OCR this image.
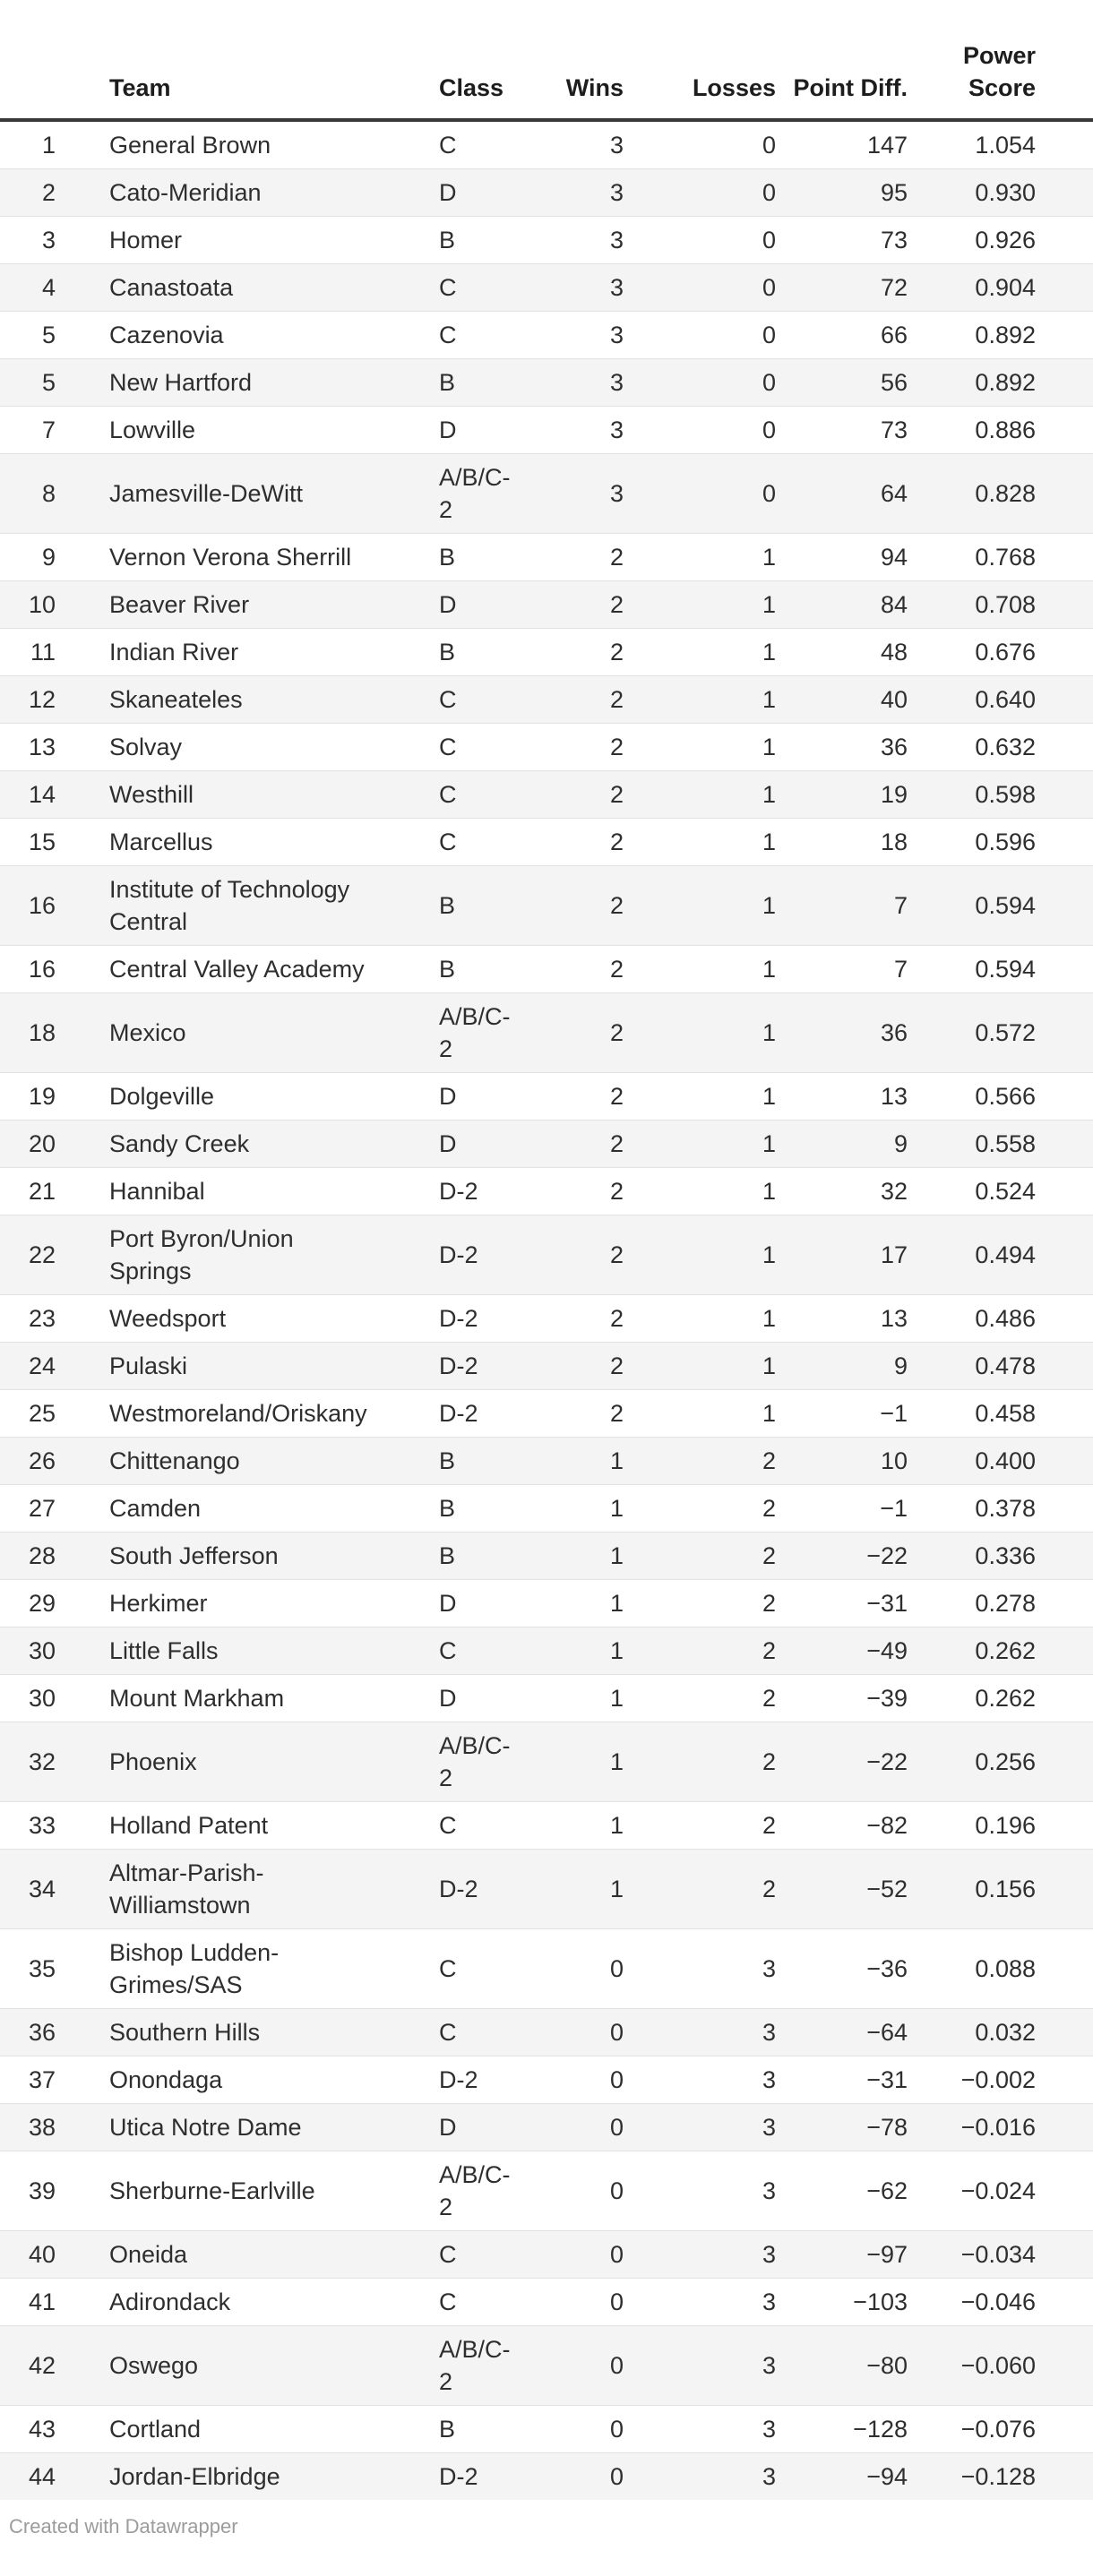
	Team	Class	Wins	Losses	Point Diff.	Power Score
1	General Brown	C	3	0	147	1.054
2	Cato-Meridian	D	3	0	95	0.930
3	Homer	B	3	0	73	0.926
4	Canastoata	C	3	0	72	0.904
5	Cazenovia	C	3	0	66	0.892
5	New Hartford	B	3	0	56	0.892
7	Lowville	D	3	0	73	0.886
8	Jamesville-DeWitt	A/B/C-2	3	0	64	0.828
9	Vernon Verona Sherrill	B	2	1	94	0.768
10	Beaver River	D	2	1	84	0.708
11	Indian River	B	2	1	48	0.676
12	Skaneateles	C	2	1	40	0.640
13	Solvay	C	2	1	36	0.632
14	Westhill	C	2	1	19	0.598
15	Marcellus	C	2	1	18	0.596
16	Institute of Technology Central	B	2	1	7	0.594
16	Central Valley Academy	B	2	1	7	0.594
18	Mexico	A/B/C-2	2	1	36	0.572
19	Dolgeville	D	2	1	13	0.566
20	Sandy Creek	D	2	1	9	0.558
21	Hannibal	D-2	2	1	32	0.524
22	Port Byron/Union Springs	D-2	2	1	17	0.494
23	Weedsport	D-2	2	1	13	0.486
24	Pulaski	D-2	2	1	9	0.478
25	Westmoreland/Oriskany	D-2	2	1	−1	0.458
26	Chittenango	B	1	2	10	0.400
27	Camden	B	1	2	−1	0.378
28	South Jefferson	B	1	2	−22	0.336
29	Herkimer	D	1	2	−31	0.278
30	Little Falls	C	1	2	−49	0.262
30	Mount Markham	D	1	2	−39	0.262
32	Phoenix	A/B/C-2	1	2	−22	0.256
33	Holland Patent	C	1	2	−82	0.196
34	Altmar-Parish-Williamstown	D-2	1	2	−52	0.156
35	Bishop Ludden-Grimes/SAS	C	0	3	−36	0.088
36	Southern Hills	C	0	3	−64	0.032
37	Onondaga	D-2	0	3	−31	−0.002
38	Utica Notre Dame	D	0	3	−78	−0.016
39	Sherburne-Earlville	A/B/C-2	0	3	−62	−0.024
40	Oneida	C	0	3	−97	−0.034
41	Adirondack	C	0	3	−103	−0.046
42	Oswego	A/B/C-2	0	3	−80	−0.060
43	Cortland	B	0	3	−128	−0.076
44	Jordan-Elbridge	D-2	0	3	−94	−0.128
Created with Datawrapper
